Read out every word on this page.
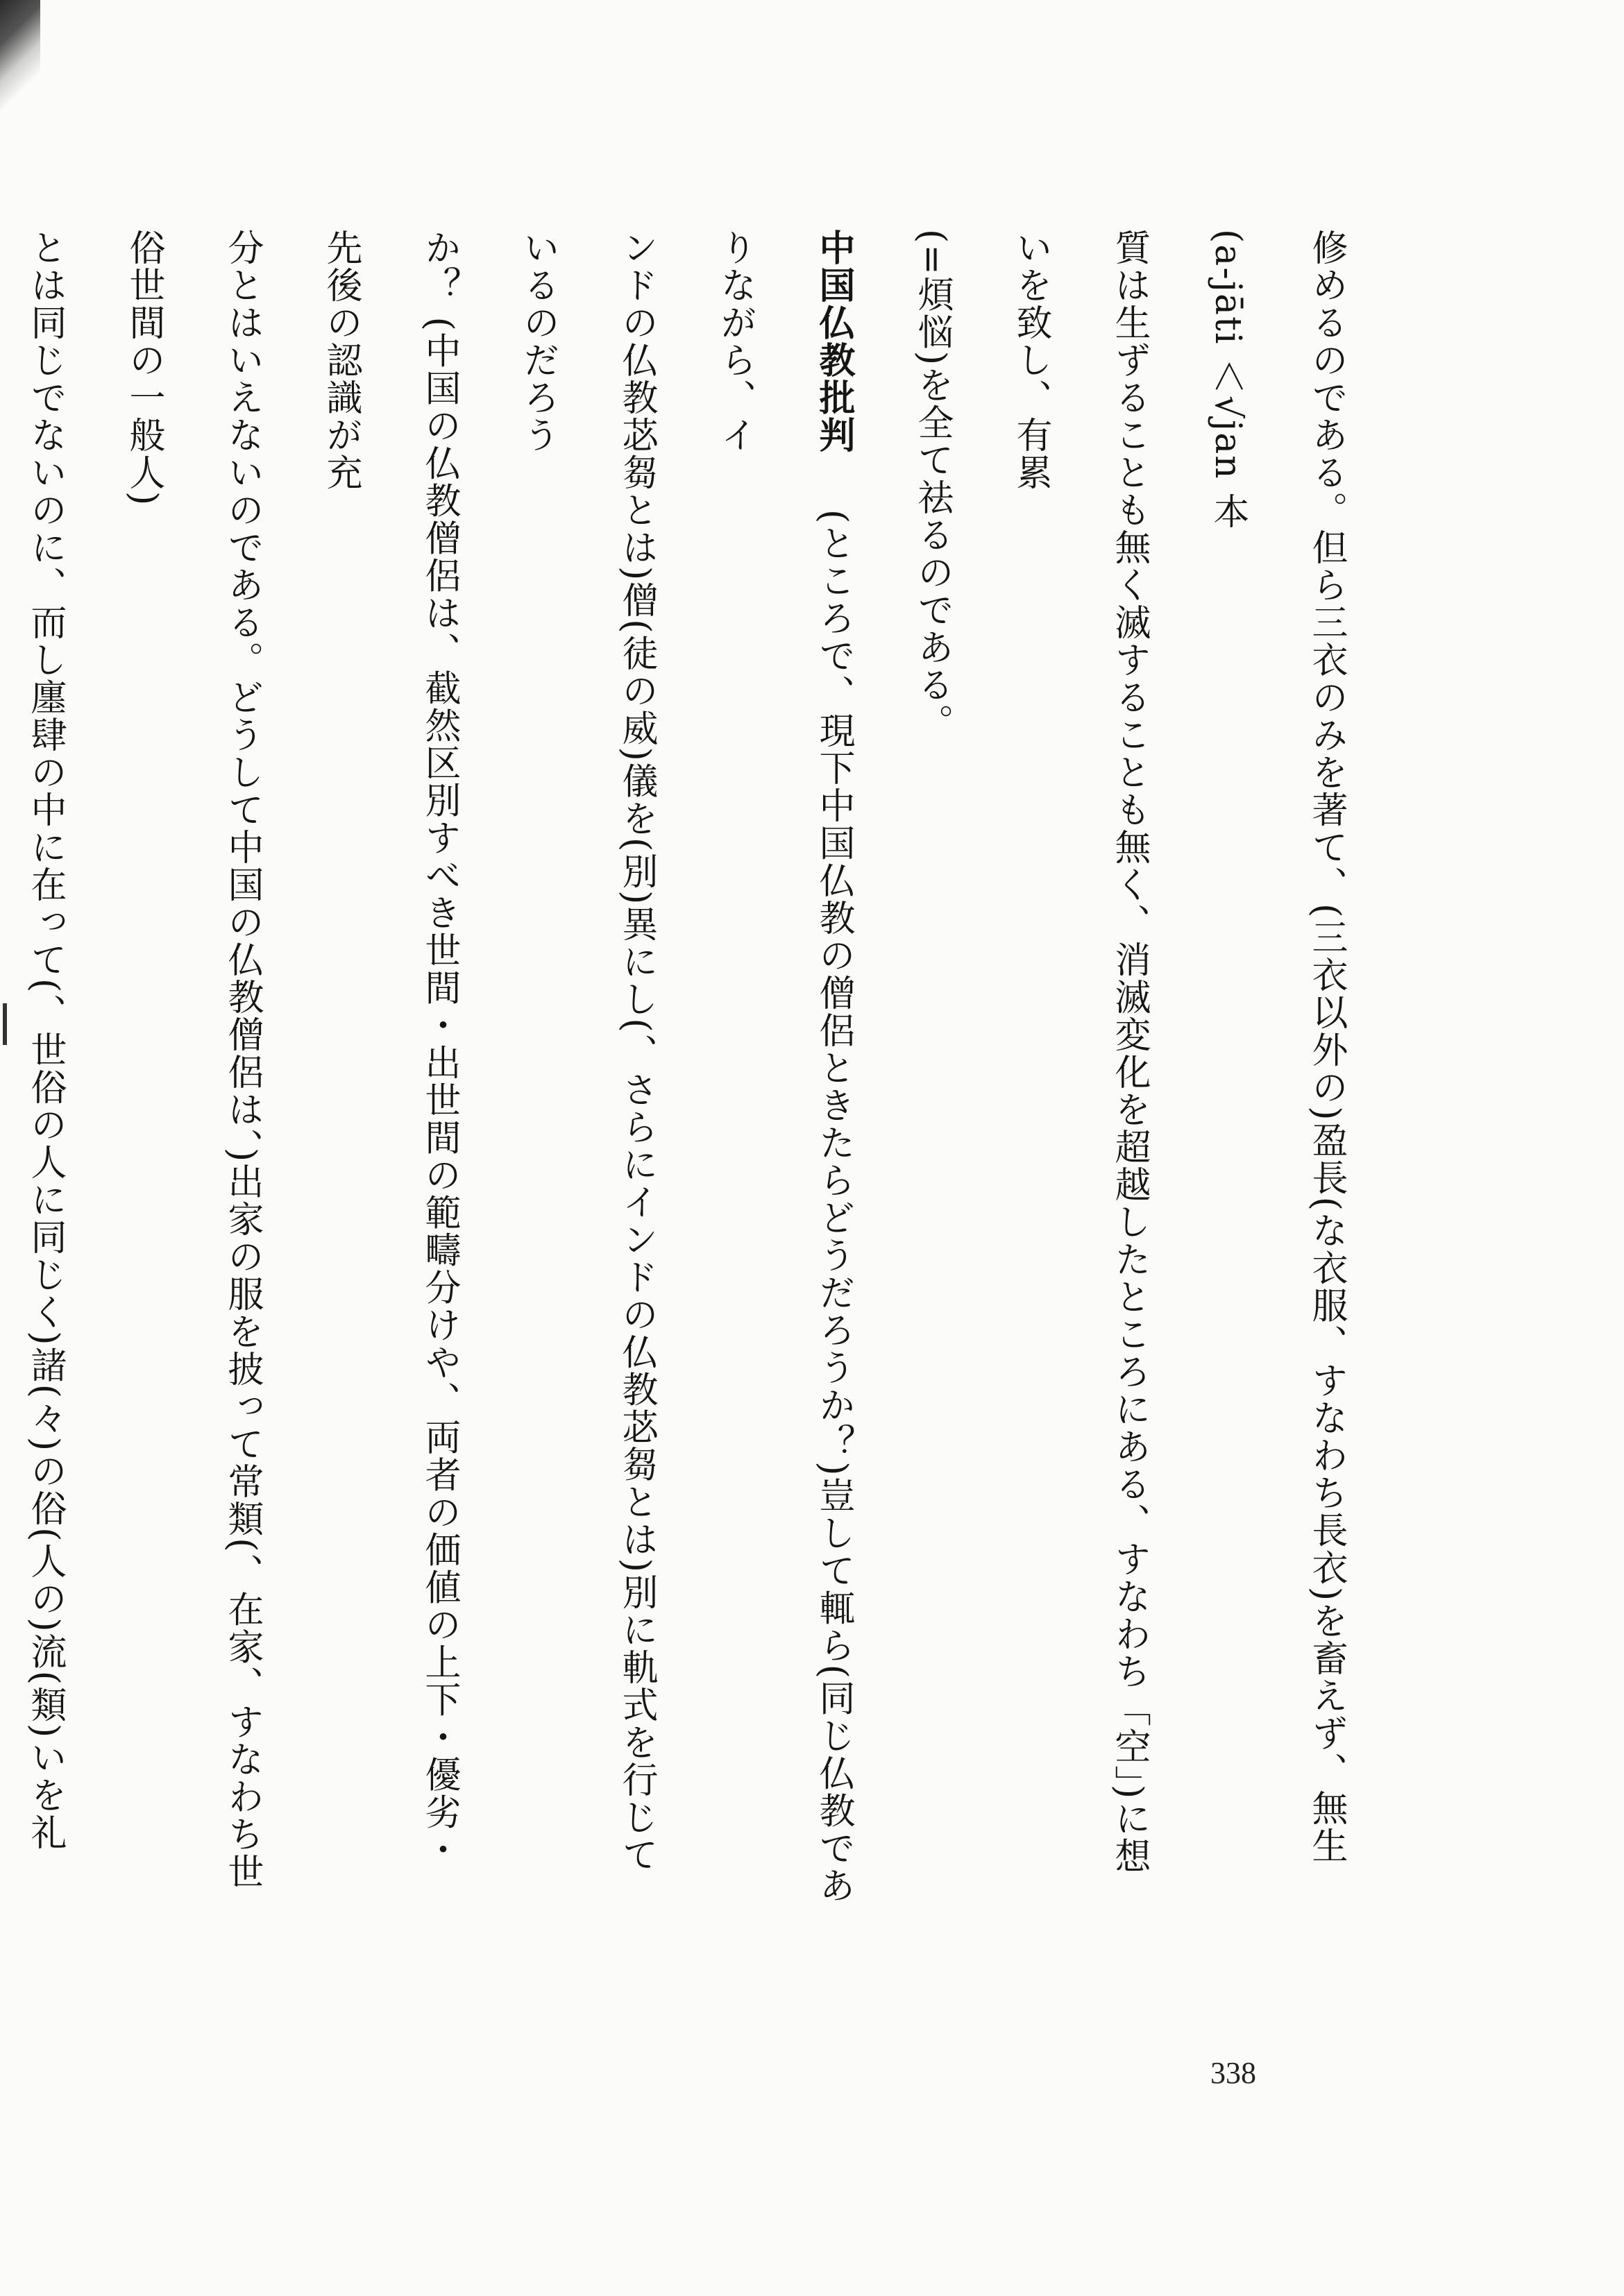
修めるのである。但ら三衣のみを著て、(三衣以外の)盈長(な衣服、すなわち長衣)を畜えず、無生(a-jāti ＜√jan 本
質は生ずることも無く滅することも無く、消滅変化を超越したところにある、すなわち「空」)に想いを致し、有累
(=煩悩)を全て祛るのである。
中国仏教批判　(ところで、現下中国仏教の僧侶ときたらどうだろうか？)豈して輒ら(同じ仏教でありながら、イ
ンドの仏教苾芻とは)僧(徒の威)儀を(別)異にし(、さらにインドの仏教苾芻とは)別に軌式を行じているのだろう
か？ (中国の仏教僧侶は、截然区別すべき世間・出世間の範疇分けや、両者の価値の上下・優劣・先後の認識が充
分とはいえないのである。どうして中国の仏教僧侶は、)出家の服を披って常類(、在家、すなわち世俗世間の一般人)
とは同じでないのに、而し廛肆の中に在って(、世俗の人に同じく)諸(々)の俗(人の)流(類)いを礼
338
